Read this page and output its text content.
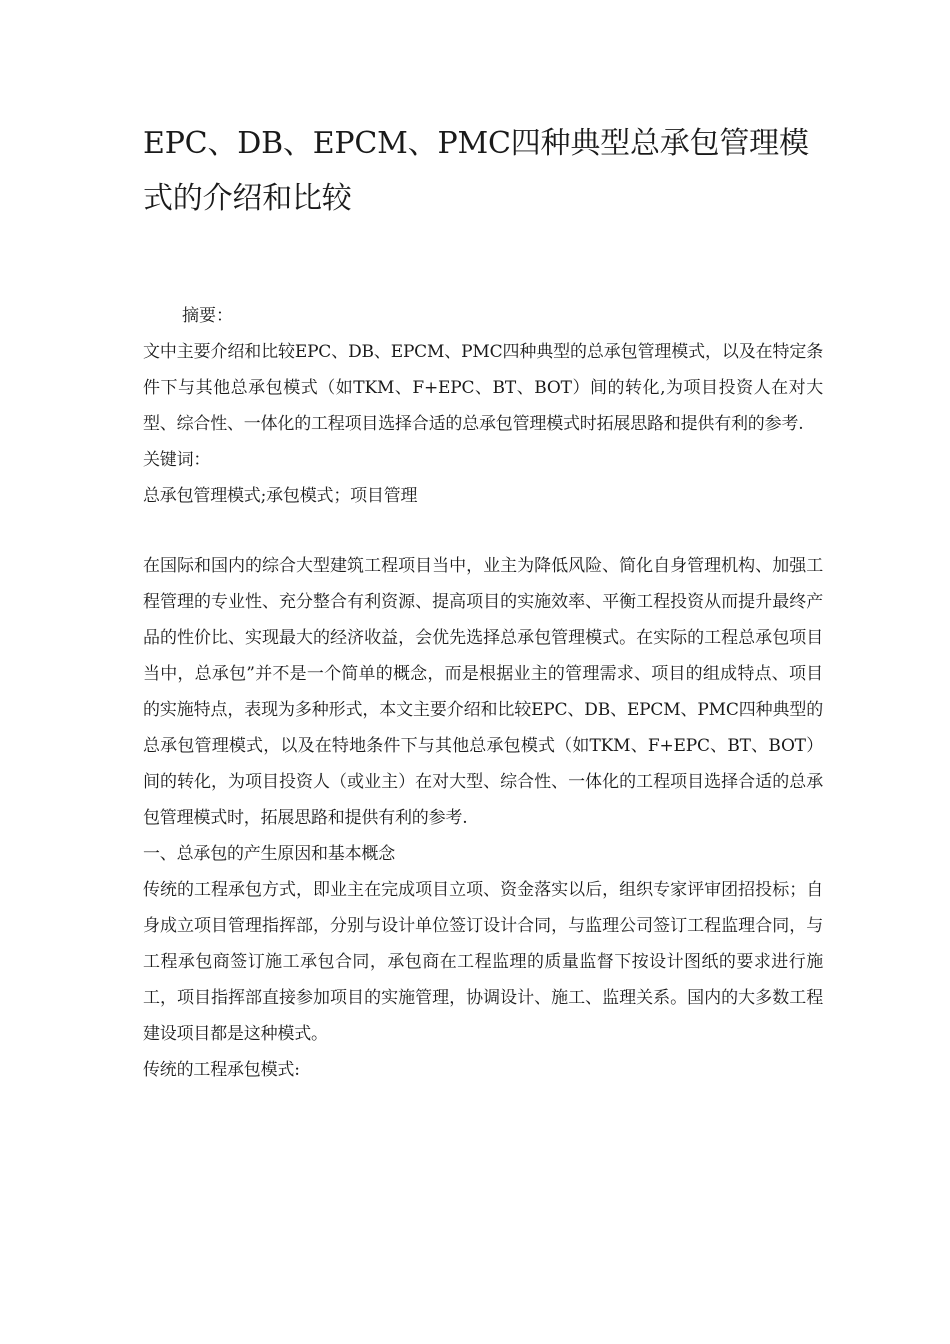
EPC、DB、EPCM、PMC四种典型总承包管理模式的介绍和比较
摘要：

文中主要介绍和比较EPC、DB、EPCM、PMC四种典型的总承包管理模式，以及在特定条件下与其他总承包模式（如TKM、F+EPC、BT、BOT）间的转化,为项目投资人在对大型、综合性、一体化的工程项目选择合适的总承包管理模式时拓展思路和提供有利的参考.

关键词：

总承包管理模式;承包模式；项目管理

在国际和国内的综合大型建筑工程项目当中，业主为降低风险、简化自身管理机构、加强工程管理的专业性、充分整合有利资源、提高项目的实施效率、平衡工程投资从而提升最终产品的性价比、实现最大的经济收益，会优先选择总承包管理模式。在实际的工程总承包项目当中，总承包”并不是一个简单的概念，而是根据业主的管理需求、项目的组成特点、项目的实施特点，表现为多种形式，本文主要介绍和比较EPC、DB、EPCM、PMC四种典型的总承包管理模式，以及在特地条件下与其他总承包模式（如TKM、F+EPC、BT、BOT）间的转化，为项目投资人（或业主）在对大型、综合性、一体化的工程项目选择合适的总承包管理模式时，拓展思路和提供有利的参考.

一、总承包的产生原因和基本概念

传统的工程承包方式，即业主在完成项目立项、资金落实以后，组织专家评审团招投标；自身成立项目管理指挥部，分别与设计单位签订设计合同，与监理公司签订工程监理合同，与工程承包商签订施工承包合同，承包商在工程监理的质量监督下按设计图纸的要求进行施工，项目指挥部直接参加项目的实施管理，协调设计、施工、监理关系。国内的大多数工程建设项目都是这种模式。

传统的工程承包模式:
